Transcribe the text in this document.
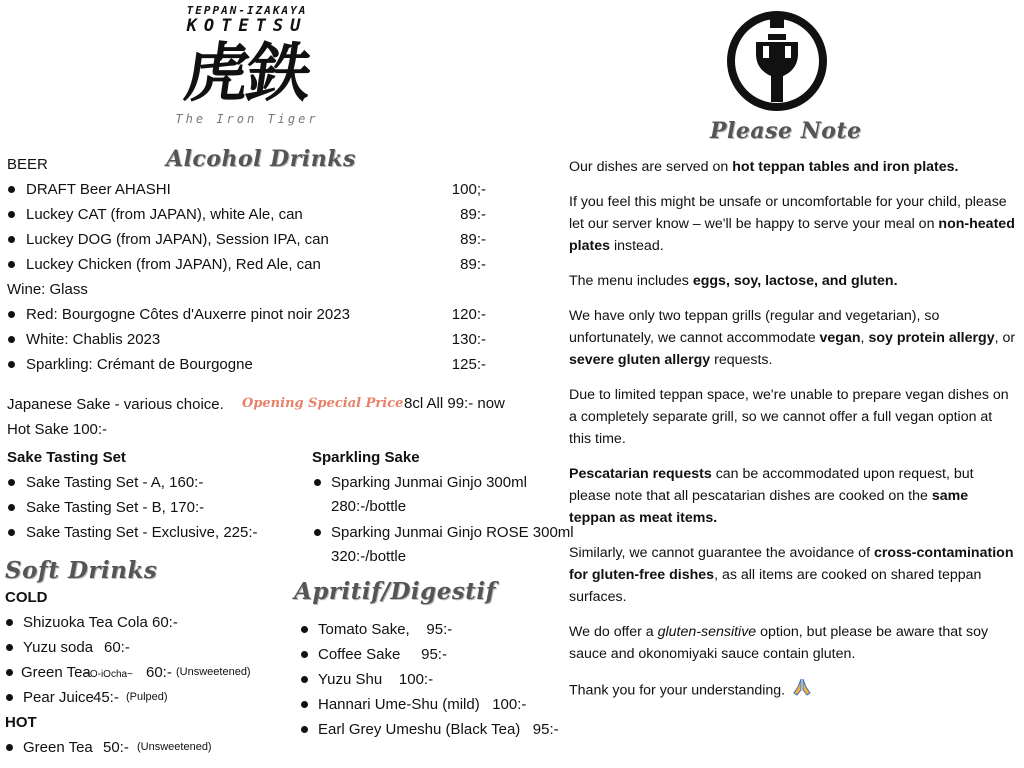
TEPPAN-IZAKAYA
KOTETSU
虎鉄
The Iron Tiger
Alcohol Drinks
BEER
DRAFT Beer AHASHI	100;-
Luckey CAT (from JAPAN), white Ale, can	89:-
Luckey DOG (from JAPAN), Session IPA, can	89:-
Luckey Chicken (from JAPAN), Red Ale, can	89:-
Wine: Glass
Red: Bourgogne Côtes d'Auxerre pinot noir 2023	120:-
White: Chablis 2023	130:-
Sparkling: Crémant de Bourgogne	125:-
Japanese Sake - various choice. Opening Special Price 8cl All 99:- now
Hot Sake 100:-
Sake Tasting Set
Sake Tasting Set - A, 160:-
Sake Tasting Set - B, 170:-
Sake Tasting Set - Exclusive, 225:-
Sparkling Sake
Sparking Junmai Ginjo 300ml
280:-/bottle
Sparking Junmai Ginjo ROSE 300ml
320:-/bottle
Soft Drinks
COLD
Shizuoka Tea Cola 60:-
Yuzu soda 60:-
Green Tea
~O-iOcha~ 60:- (Unsweetened)
Pear Juice 45:- (Pulped)
HOT
Green Tea 50:- (Unsweetened)
Apritif/Digestif
Tomato Sake,    95:-
Coffee Sake     95:-
Yuzu Shu    100:-
Hannari Ume-Shu (mild)   100:-
Earl Grey Umeshu (Black Tea)   95:-
Please Note

Our dishes are served on hot teppan tables and iron plates.

If you feel this might be unsafe or uncomfortable for your child, please let our server know – we'll be happy to serve your meal on non-heated plates instead.

The menu includes eggs, soy, lactose, and gluten.

We have only two teppan grills (regular and vegetarian), so unfortunately, we cannot accommodate vegan, soy protein allergy, or severe gluten allergy requests.

Due to limited teppan space, we're unable to prepare vegan dishes on a completely separate grill, so we cannot offer a full vegan option at this time.

Pescatarian requests can be accommodated upon request, but please note that all pescatarian dishes are cooked on the same teppan as meat items.

Similarly, we cannot guarantee the avoidance of cross-contamination for gluten-free dishes, as all items are cooked on shared teppan surfaces.

We do offer a gluten-sensitive option, but please be aware that soy sauce and okonomiyaki sauce contain gluten.

Thank you for your understanding.
